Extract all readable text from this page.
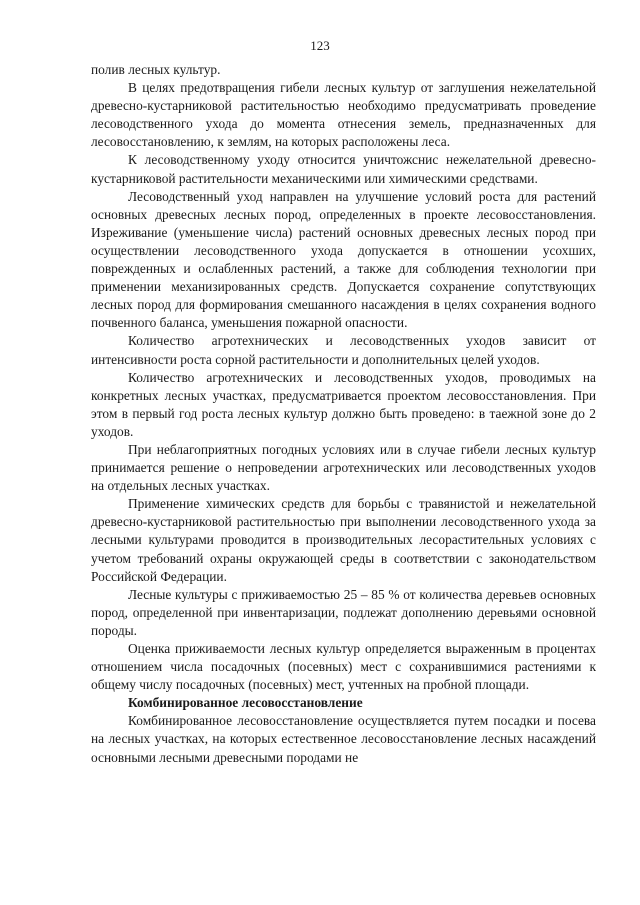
123

полив лесных культур.

В целях предотвращения гибели лесных культур от заглушения нежелательной древесно-кустарниковой растительностью необходимо предусматривать проведение лесоводственного ухода до момента отнесения земель, предназначенных для лесовосстановлению, к землям, на которых расположены леса.

К лесоводственному уходу относится уничтожснис нежелательной древесно-кустарниковой растительности механическими или химическими средствами.

Лесоводственный уход направлен на улучшение условий роста для растений основных древесных лесных пород, определенных в проекте лесовосстановления. Изреживание (уменьшение числа) растений основных древесных лесных пород при осуществлении лесоводственного ухода допускается в отношении усохших, поврежденных и ослабленных растений, а также для соблюдения технологии при применении механизированных средств. Допускается сохранение сопутствующих лесных пород для формирования смешанного насаждения в целях сохранения водного почвенного баланса, уменьшения пожарной опасности.

Количество агротехнических и лесоводственных уходов зависит от интенсивности роста сорной растительности и дополнительных целей уходов.

Количество агротехнических и лесоводственных уходов, проводимых на конкретных лесных участках, предусматривается проектом лесовосстановления. При этом в первый год роста лесных культур должно быть проведено: в таежной зоне до 2 уходов.

При неблагоприятных погодных условиях или в случае гибели лесных культур принимается решение о непроведении агротехнических или лесоводственных уходов на отдельных лесных участках.

Применение химических средств для борьбы с травянистой и нежелательной древесно-кустарниковой растительностью при выполнении лесоводственного ухода за лесными культурами проводится в производительных лесорастительных условиях с учетом требований охраны окружающей среды в соответствии с законодательством Российской Федерации.

Лесные культуры с приживаемостью 25 – 85 % от количества деревьев основных пород, определенной при инвентаризации, подлежат дополнению деревьями основной породы.

Оценка приживаемости лесных культур определяется выраженным в процентах отношением числа посадочных (посевных) мест с сохранившимися растениями к общему числу посадочных (посевных) мест, учтенных на пробной площади.

Комбинированное лесовосстановление

Комбинированное лесовосстановление осуществляется путем посадки и посева на лесных участках, на которых естественное лесовосстановление лесных насаждений основными лесными древесными породами не
